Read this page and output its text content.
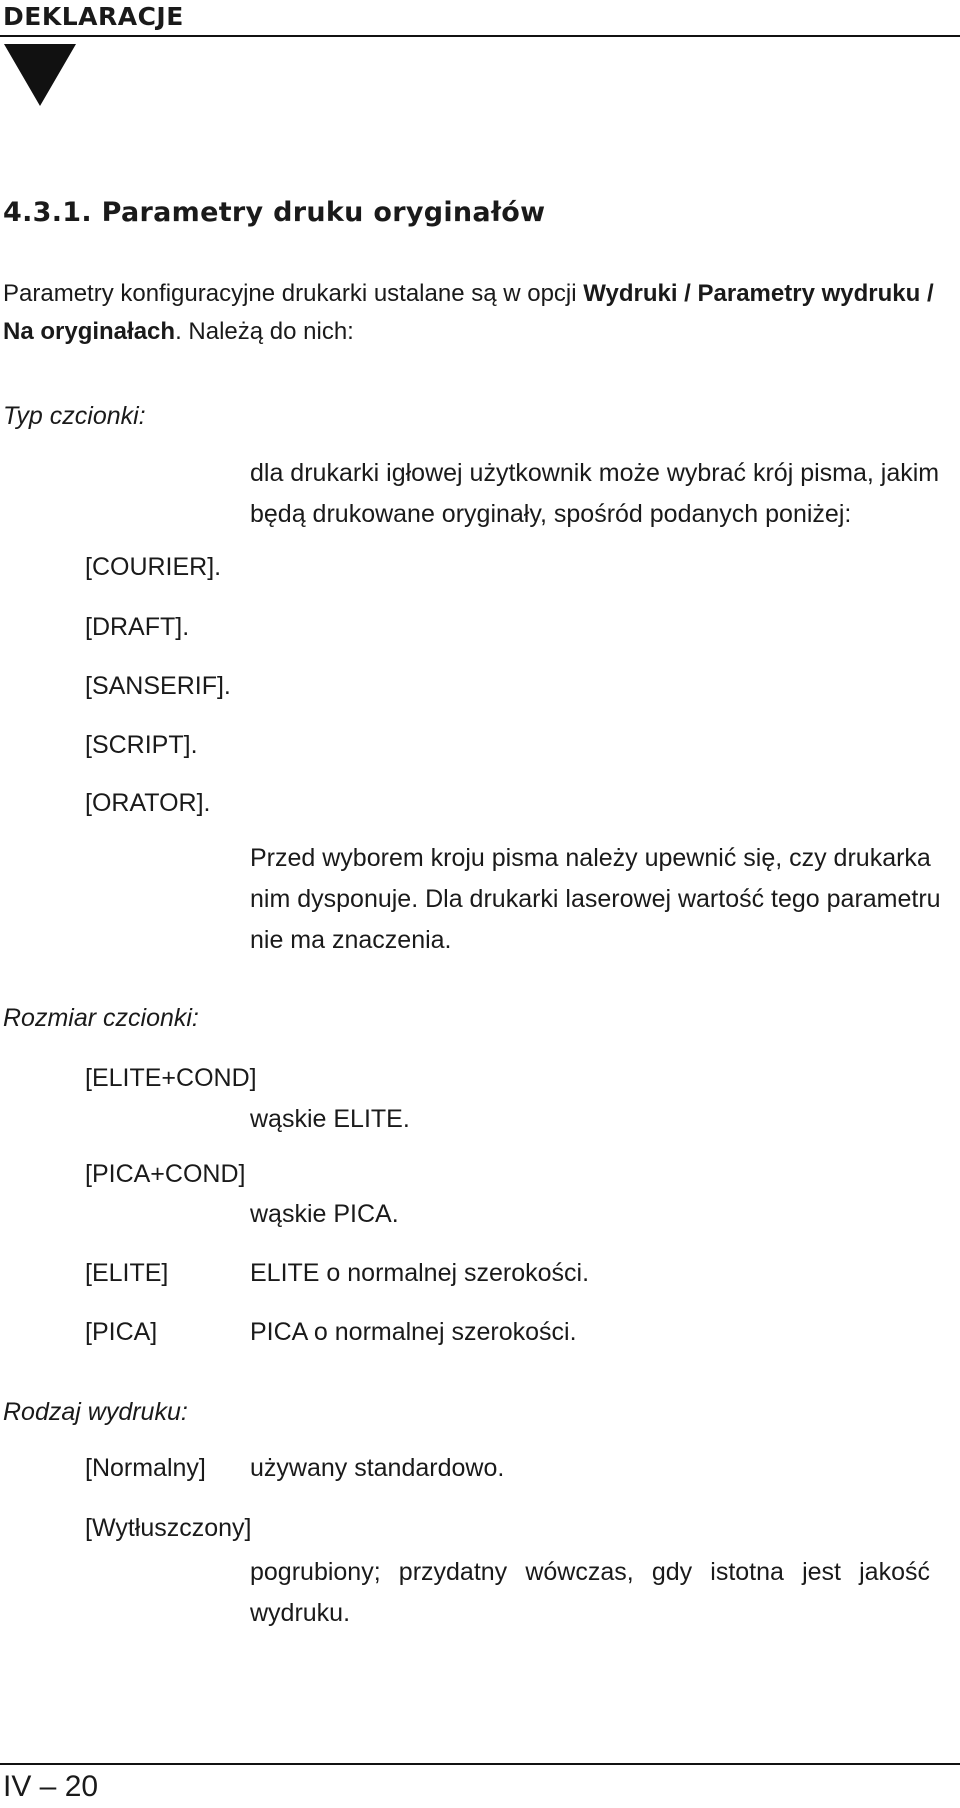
DEKLARACJE
4.3.1. Parametry druku oryginałów
Parametry konfiguracyjne drukarki ustalane są w opcji Wydruki / Parametry wydruku / Na oryginałach. Należą do nich:
Typ czcionki:
dla drukarki igłowej użytkownik może wybrać krój pisma, jakim będą drukowane oryginały, spośród podanych poniżej:
[COURIER].
[DRAFT].
[SANSERIF].
[SCRIPT].
[ORATOR].
Przed wyborem kroju pisma należy upewnić się, czy drukarka nim dysponuje. Dla drukarki laserowej wartość tego parametru nie ma znaczenia.
Rozmiar czcionki:
[ELITE+COND]
wąskie ELITE.
[PICA+COND]
wąskie PICA.
[ELITE]	ELITE o normalnej szerokości.
[PICA]	PICA o normalnej szerokości.
Rodzaj wydruku:
[Normalny] używany standardowo.
[Wytłuszczony]
pogrubiony; przydatny wówczas, gdy istotna jest jakość wydruku.
IV – 20
